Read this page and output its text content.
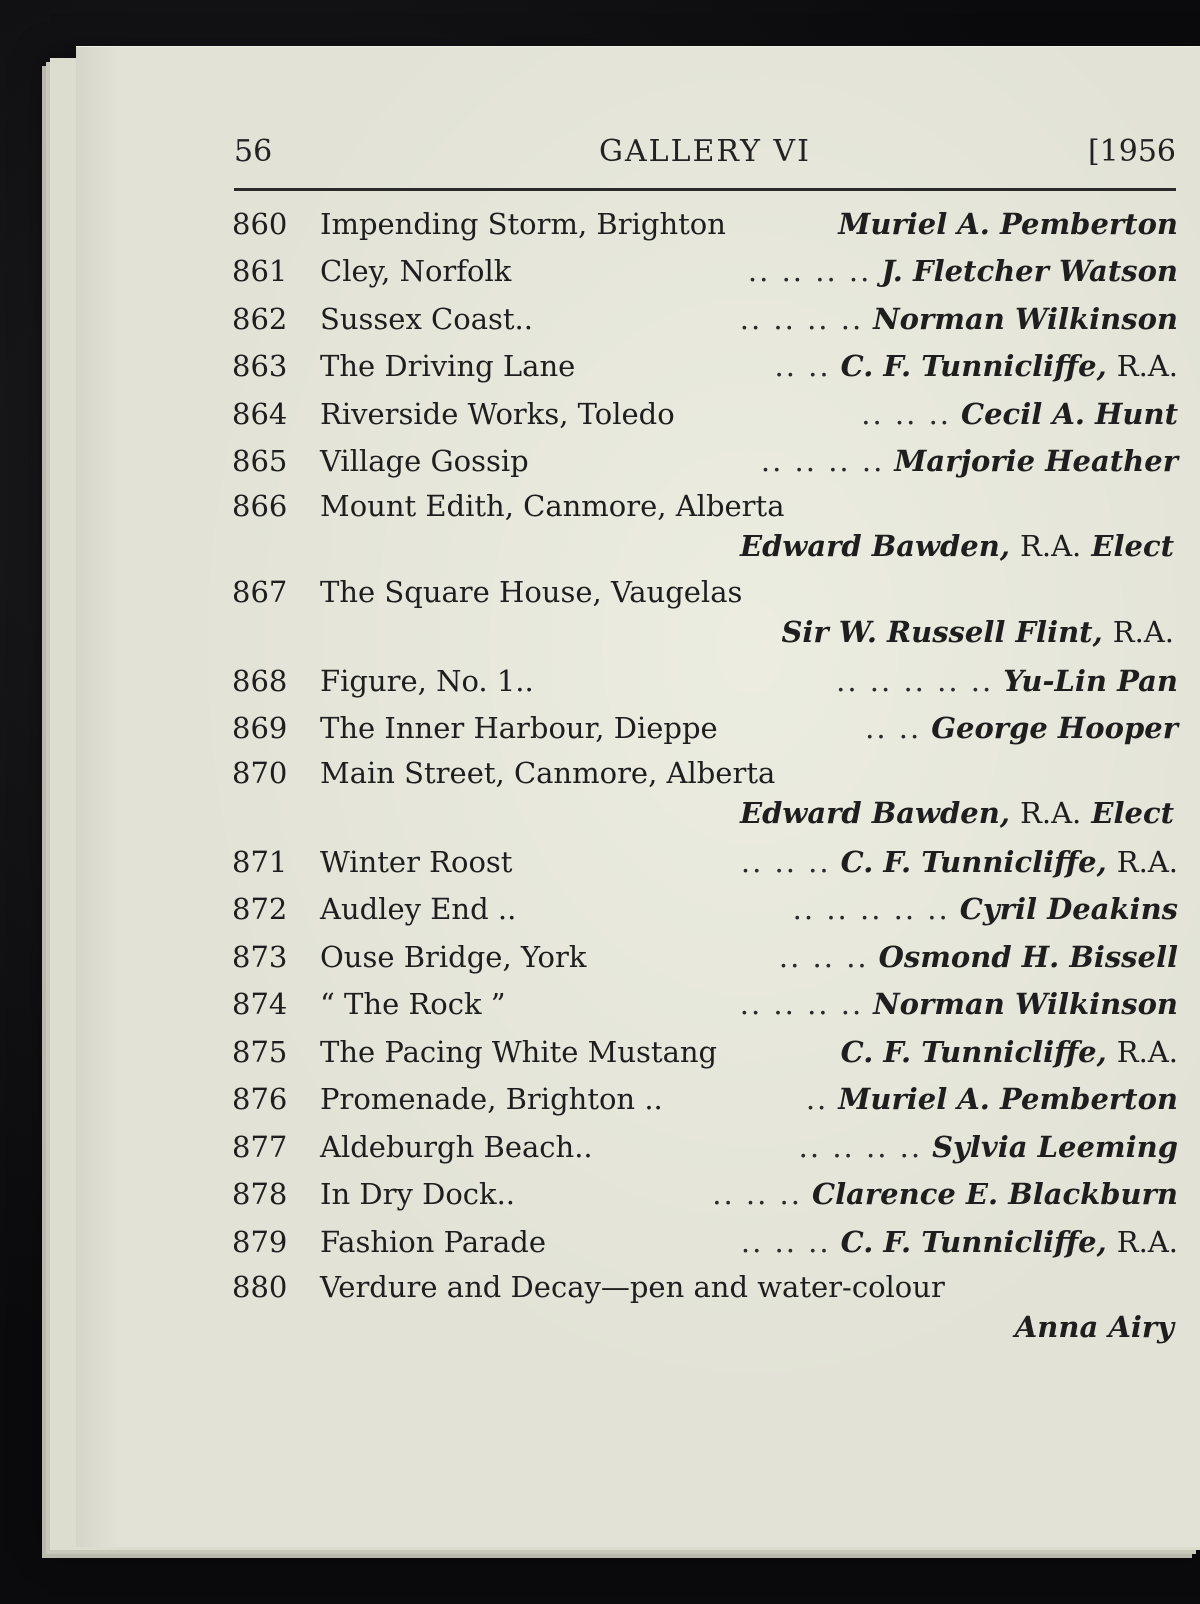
56	GALLERY VI	[1956
860	Impending Storm, Brighton	Muriel A. Pemberton
861	Cley, Norfolk	.. .. .. .. J. Fletcher Watson
862	Sussex Coast..	.. .. .. .. Norman Wilkinson
863	The Driving Lane	.. .. C. F. Tunnicliffe, R.A.
864	Riverside Works, Toledo	.. .. .. Cecil A. Hunt
865	Village Gossip	.. .. .. .. Marjorie Heather
866	Mount Edith, Canmore, Alberta
Edward Bawden, R.A. Elect
867	The Square House, Vaugelas
Sir W. Russell Flint, R.A.
868	Figure, No. 1..	.. .. .. .. .. Yu-Lin Pan
869	The Inner Harbour, Dieppe	.. .. George Hooper
870	Main Street, Canmore, Alberta
Edward Bawden, R.A. Elect
871	Winter Roost	.. .. .. C. F. Tunnicliffe, R.A.
872	Audley End ..	.. .. .. .. .. Cyril Deakins
873	Ouse Bridge, York	.. .. .. Osmond H. Bissell
874	“ The Rock ”	.. .. .. .. Norman Wilkinson
875	The Pacing White Mustang	C. F. Tunnicliffe, R.A.
876	Promenade, Brighton ..	.. Muriel A. Pemberton
877	Aldeburgh Beach..	.. .. .. .. Sylvia Leeming
878	In Dry Dock..	.. .. .. Clarence E. Blackburn
879	Fashion Parade	.. .. .. C. F. Tunnicliffe, R.A.
880	Verdure and Decay—pen and water-colour
Anna Airy
